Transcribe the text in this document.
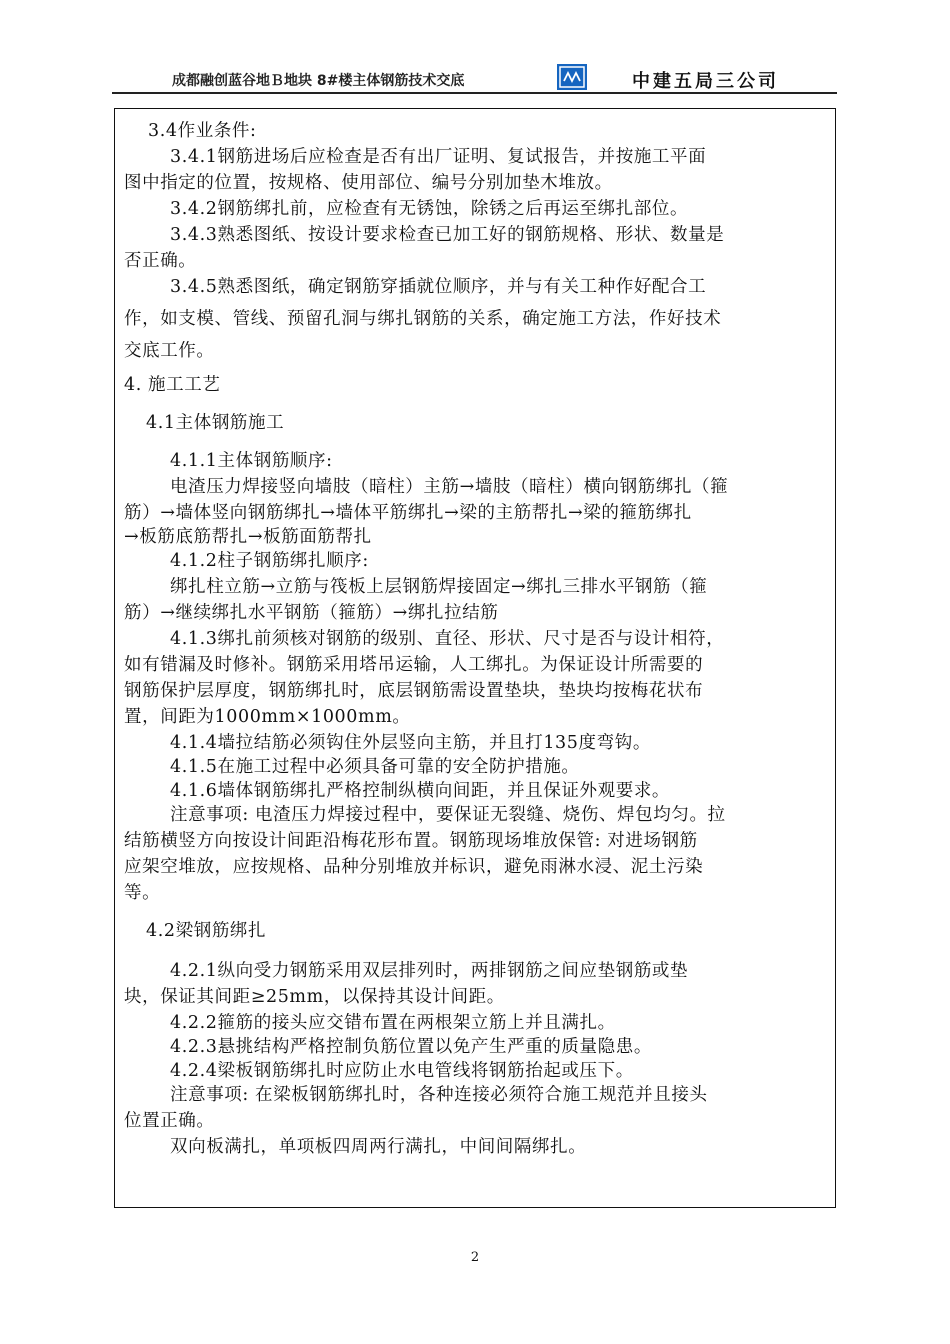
成都融创蓝谷地Ｂ地块 8#楼主体钢筋技术交底	中建五局三公司
3.4作业条件:
3.4.1钢筋进场后应检查是否有出厂证明、复试报告，并按施工平面
图中指定的位置，按规格、使用部位、编号分别加垫木堆放。
3.4.2钢筋绑扎前，应检查有无锈蚀，除锈之后再运至绑扎部位。
3.4.3熟悉图纸、按设计要求检查已加工好的钢筋规格、形状、数量是
否正确。
3.4.5熟悉图纸，确定钢筋穿插就位顺序，并与有关工种作好配合工
作，如支模、管线、预留孔洞与绑扎钢筋的关系，确定施工方法，作好技术
交底工作。
4. 施工工艺
4.1主体钢筋施工
4.1.1主体钢筋顺序:
电渣压力焊接竖向墙肢（暗柱）主筋→墙肢（暗柱）横向钢筋绑扎（箍
筋）→墙体竖向钢筋绑扎→墙体平筋绑扎→梁的主筋帮扎→梁的箍筋绑扎
→板筋底筋帮扎→板筋面筋帮扎
4.1.2柱子钢筋绑扎顺序:
绑扎柱立筋→立筋与筏板上层钢筋焊接固定→绑扎三排水平钢筋（箍
筋）→继续绑扎水平钢筋（箍筋）→绑扎拉结筋
4.1.3绑扎前须核对钢筋的级别、直径、形状、尺寸是否与设计相符，
如有错漏及时修补。钢筋采用塔吊运输，人工绑扎。为保证设计所需要的
钢筋保护层厚度，钢筋绑扎时，底层钢筋需设置垫块，垫块均按梅花状布
置，间距为1000mm×1000mm。
4.1.4墙拉结筋必须钩住外层竖向主筋，并且打135度弯钩。
4.1.5在施工过程中必须具备可靠的安全防护措施。
4.1.6墙体钢筋绑扎严格控制纵横向间距，并且保证外观要求。
注意事项: 电渣压力焊接过程中，要保证无裂缝、烧伤、焊包均匀。拉
结筋横竖方向按设计间距沿梅花形布置。钢筋现场堆放保管: 对进场钢筋
应架空堆放，应按规格、品种分别堆放并标识，避免雨淋水浸、泥土污染
等。
4.2梁钢筋绑扎
4.2.1纵向受力钢筋采用双层排列时，两排钢筋之间应垫钢筋或垫
块，保证其间距≥25mm，以保持其设计间距。
4.2.2箍筋的接头应交错布置在两根架立筋上并且满扎。
4.2.3悬挑结构严格控制负筋位置以免产生严重的质量隐患。
4.2.4梁板钢筋绑扎时应防止水电管线将钢筋抬起或压下。
注意事项: 在梁板钢筋绑扎时，各种连接必须符合施工规范并且接头
位置正确。
双向板满扎，单项板四周两行满扎，中间间隔绑扎。
2
